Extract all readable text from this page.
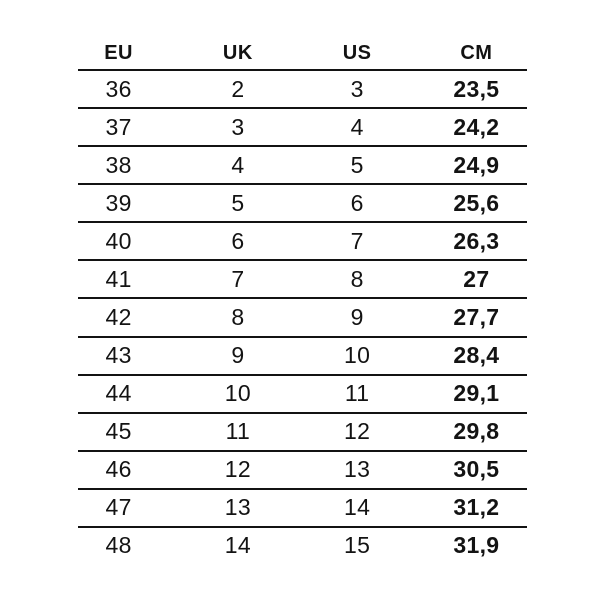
EU	UK	US	CM
36	2	3	23,5
37	3	4	24,2
38	4	5	24,9
39	5	6	25,6
40	6	7	26,3
41	7	8	27
42	8	9	27,7
43	9	10	28,4
44	10	11	29,1
45	11	12	29,8
46	12	13	30,5
47	13	14	31,2
48	14	15	31,9
